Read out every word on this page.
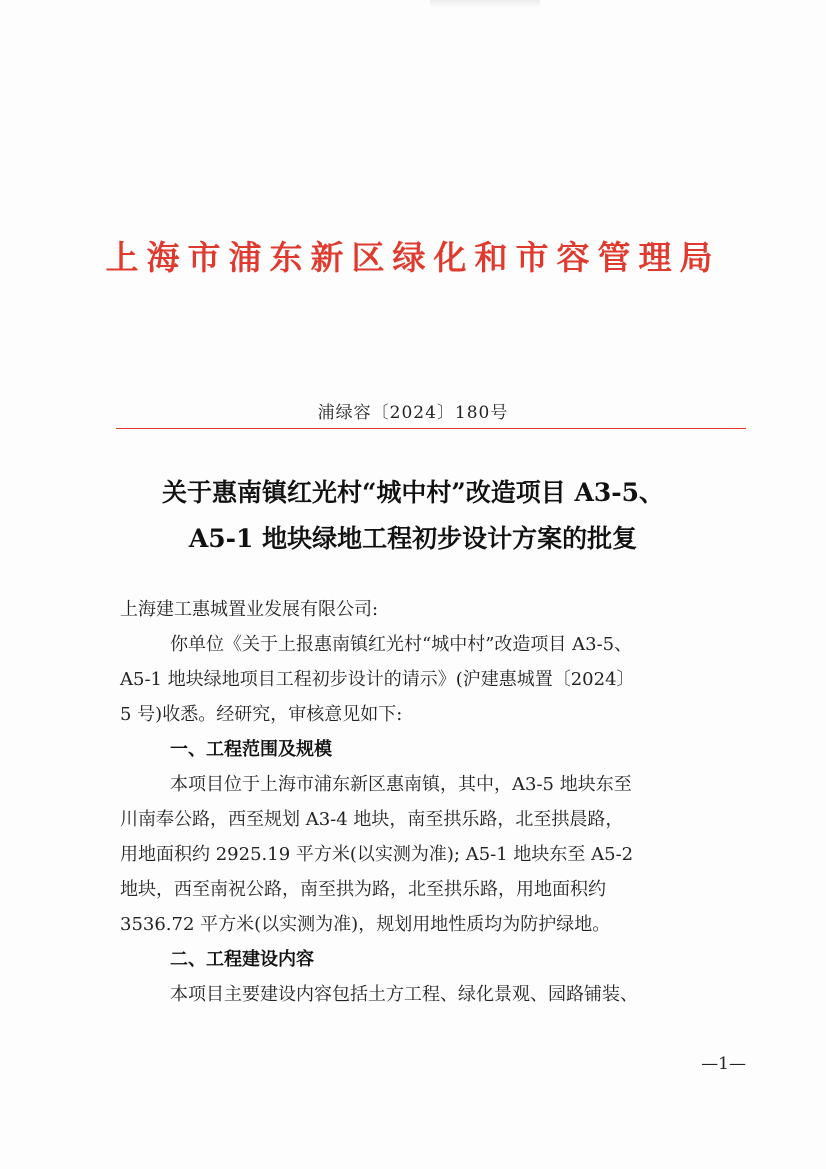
上海市浦东新区绿化和市容管理局
浦绿容〔2024〕180号
关于惠南镇红光村“城中村”改造项目 A3-5、
A5-1 地块绿地工程初步设计方案的批复
上海建工惠城置业发展有限公司:
你单位《关于上报惠南镇红光村“城中村”改造项目 A3-5、
A5-1 地块绿地项目工程初步设计的请示》(沪建惠城置〔2024〕
5 号)收悉。经研究，审核意见如下:
一、工程范围及规模
本项目位于上海市浦东新区惠南镇，其中，A3-5 地块东至
川南奉公路，西至规划 A3-4 地块，南至拱乐路，北至拱晨路，
用地面积约 2925.19 平方米(以实测为准); A5-1 地块东至 A5-2
地块，西至南祝公路，南至拱为路，北至拱乐路，用地面积约
3536.72 平方米(以实测为准)，规划用地性质均为防护绿地。
二、工程建设内容
本项目主要建设内容包括土方工程、绿化景观、园路铺装、
—1—
